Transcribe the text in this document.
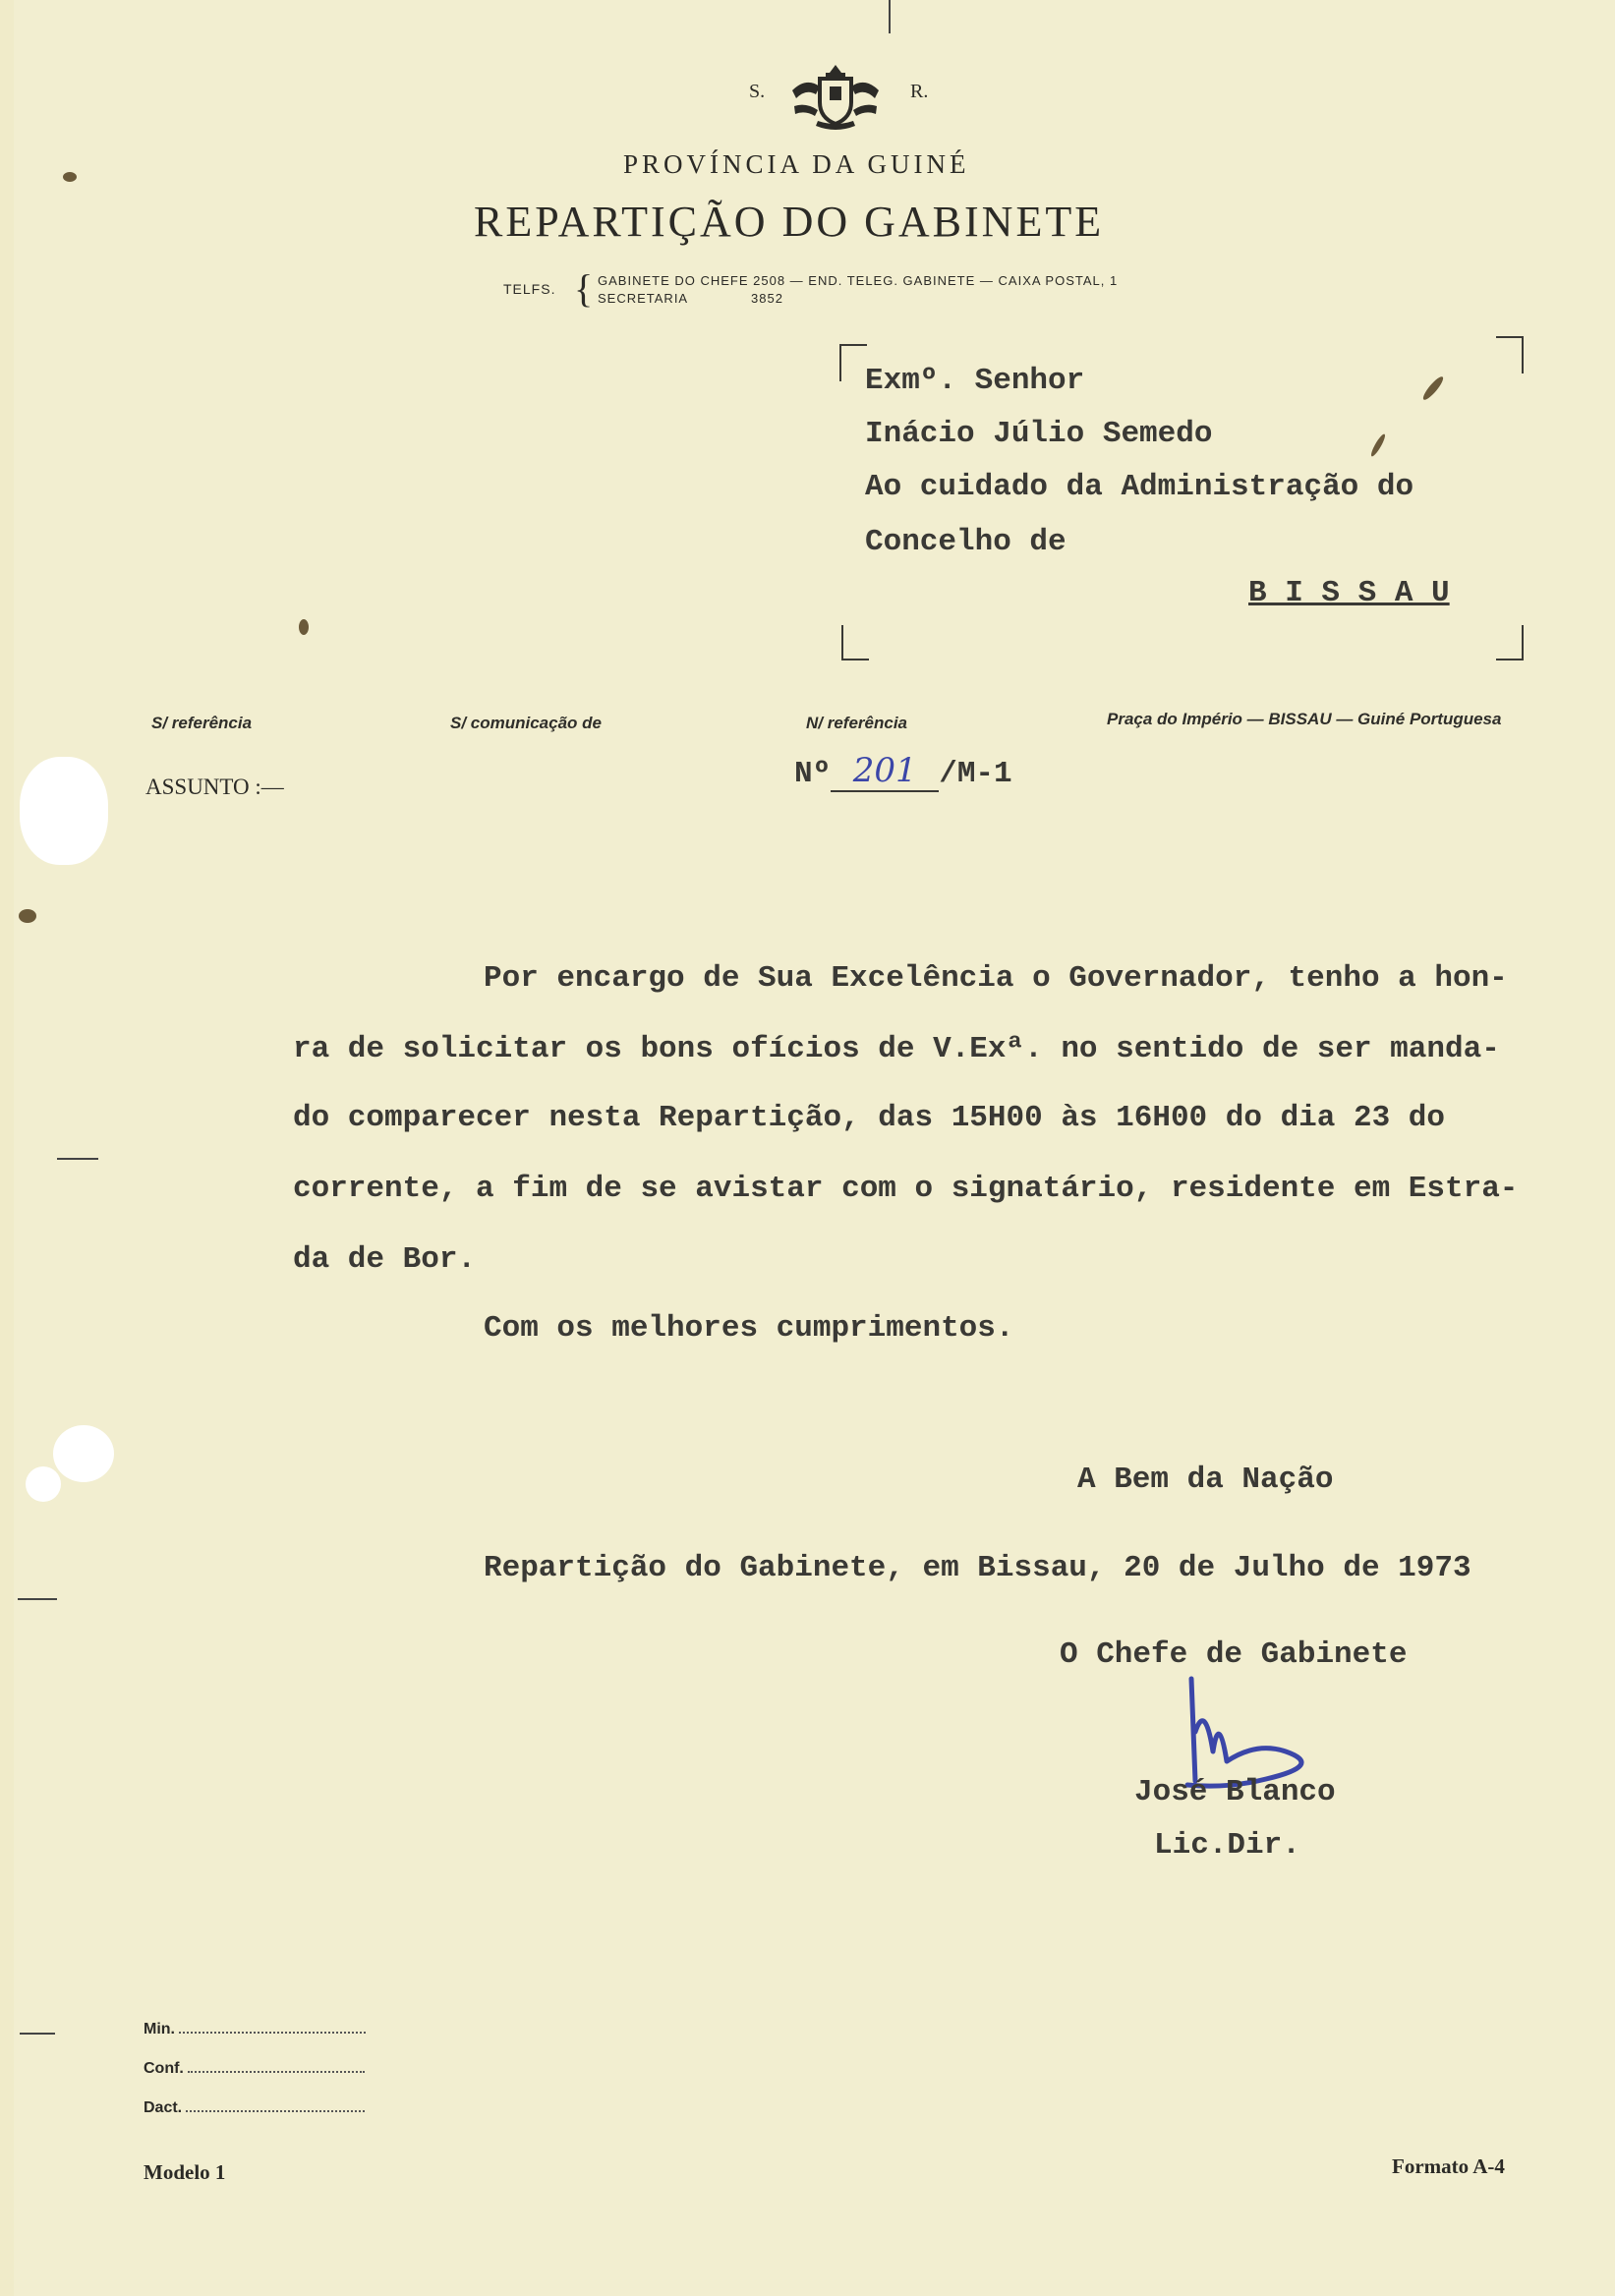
S.	R.
PROVÍNCIA DA GUINÉ
REPARTIÇÃO DO GABINETE
TELFS. { GABINETE DO CHEFE 2508 — END. TELEG. GABINETE — CAIXA POSTAL, 1
SECRETARIA 3852
Exmº. Senhor
Inácio Júlio Semedo
Ao cuidado da Administração do
Concelho de
B I S S A U
S/ referência	S/ comunicação de	N/ referência	Praça do Império — BISSAU — Guiné Portuguesa
ASSUNTO :—	Nº 201 /M-1
Por encargo de Sua Excelência o Governador, tenho a hon-
ra de solicitar os bons ofícios de V.Exª. no sentido de ser manda-
do comparecer nesta Repartição, das 15H00 às 16H00 do dia 23 do
corrente, a fim de se avistar com o signatário, residente em Estra-
da de Bor.
Com os melhores cumprimentos.
A Bem da Nação
Repartição do Gabinete, em Bissau, 20 de Julho de 1973
O Chefe de Gabinete
José Blanco
Lic.Dir.
Min.
Conf.
Dact.
Modelo 1	Formato A-4
